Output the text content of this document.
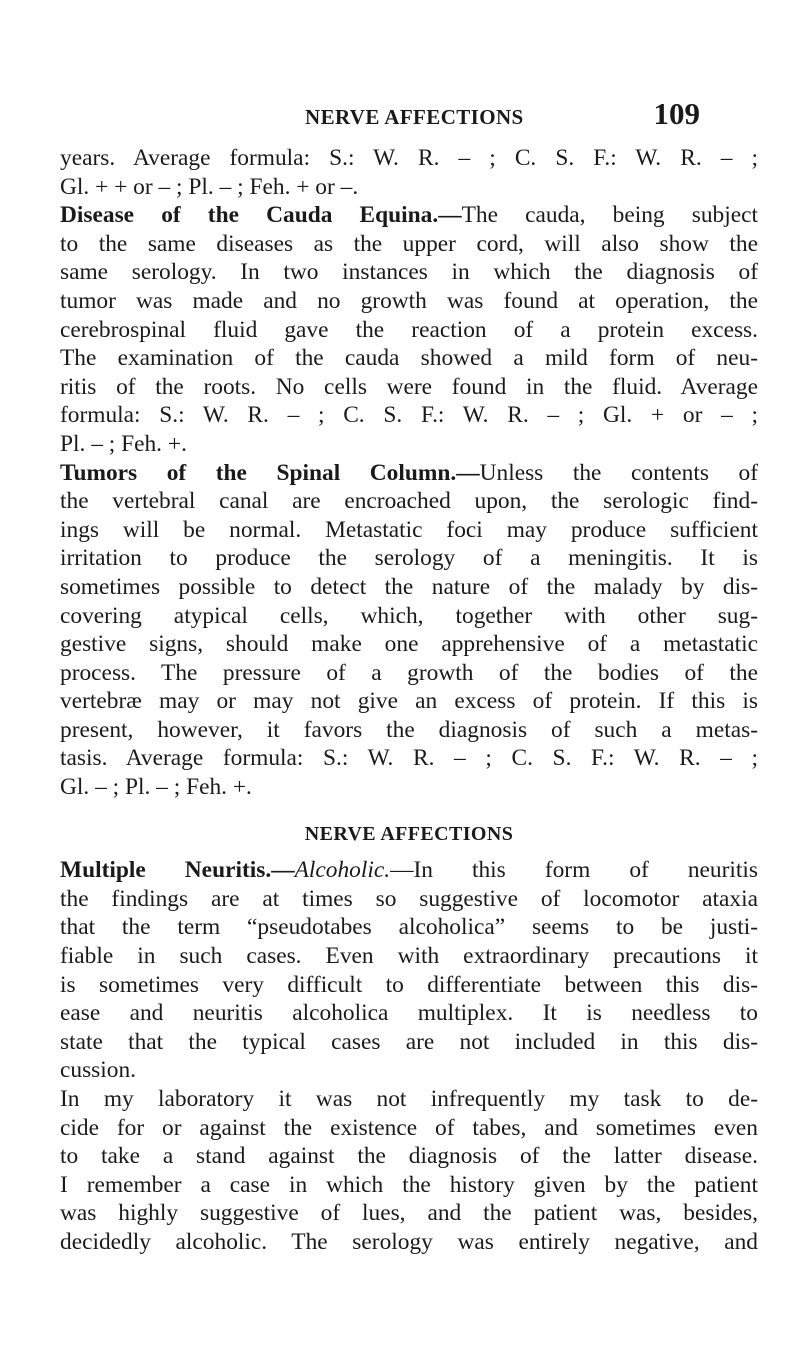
NERVE AFFECTIONS	109
years. Average formula: S.: W. R. – ; C. S. F.: W. R. – ;
Gl. + + or – ; Pl. – ; Feh. + or –.
Disease of the Cauda Equina.—The cauda, being subject
to the same diseases as the upper cord, will also show the
same serology. In two instances in which the diagnosis of
tumor was made and no growth was found at operation, the
cerebrospinal fluid gave the reaction of a protein excess.
The examination of the cauda showed a mild form of neu-
ritis of the roots. No cells were found in the fluid. Average
formula: S.: W. R. – ; C. S. F.: W. R. – ; Gl. + or – ;
Pl. – ; Feh. +.
Tumors of the Spinal Column.—Unless the contents of
the vertebral canal are encroached upon, the serologic find-
ings will be normal. Metastatic foci may produce sufficient
irritation to produce the serology of a meningitis. It is
sometimes possible to detect the nature of the malady by dis-
covering atypical cells, which, together with other sug-
gestive signs, should make one apprehensive of a metastatic
process. The pressure of a growth of the bodies of the
vertebræ may or may not give an excess of protein. If this is
present, however, it favors the diagnosis of such a metas-
tasis. Average formula: S.: W. R. – ; C. S. F.: W. R. – ;
Gl. – ; Pl. – ; Feh. +.
NERVE AFFECTIONS
Multiple Neuritis.—Alcoholic.—In this form of neuritis
the findings are at times so suggestive of locomotor ataxia
that the term “pseudotabes alcoholica” seems to be justi-
fiable in such cases. Even with extraordinary precautions it
is sometimes very difficult to differentiate between this dis-
ease and neuritis alcoholica multiplex. It is needless to
state that the typical cases are not included in this dis-
cussion.
In my laboratory it was not infrequently my task to de-
cide for or against the existence of tabes, and sometimes even
to take a stand against the diagnosis of the latter disease.
I remember a case in which the history given by the patient
was highly suggestive of lues, and the patient was, besides,
decidedly alcoholic. The serology was entirely negative, and
